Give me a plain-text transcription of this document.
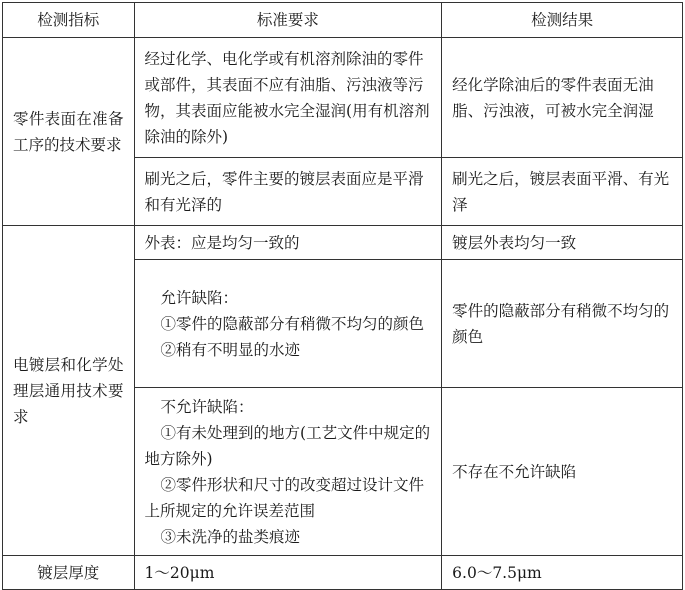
检测指标	标准要求	检测结果
零件表面在准备工序的技术要求	经过化学、电化学或有机溶剂除油的零件或部件，其表面不应有油脂、污浊液等污物，其表面应能被水完全湿润(用有机溶剂除油的除外)	经化学除油后的零件表面无油脂、污浊液，可被水完全润湿
	刷光之后，零件主要的镀层表面应是平滑和有光泽的	刷光之后，镀层表面平滑、有光泽
电镀层和化学处理层通用技术要求	外表：应是均匀一致的	镀层外表均匀一致

	允许缺陷：
①零件的隐蔽部分有稍微不均匀的颜色
②稍有不明显的水迹	零件的隐蔽部分有稍微不均匀的颜色

	不允许缺陷：
①有未处理到的地方(工艺文件中规定的地方除外)
②零件形状和尺寸的改变超过设计文件上所规定的允许误差范围
③未洗净的盐类痕迹	不存在不允许缺陷
镀层厚度	1～20μm	6.0～7.5μm
